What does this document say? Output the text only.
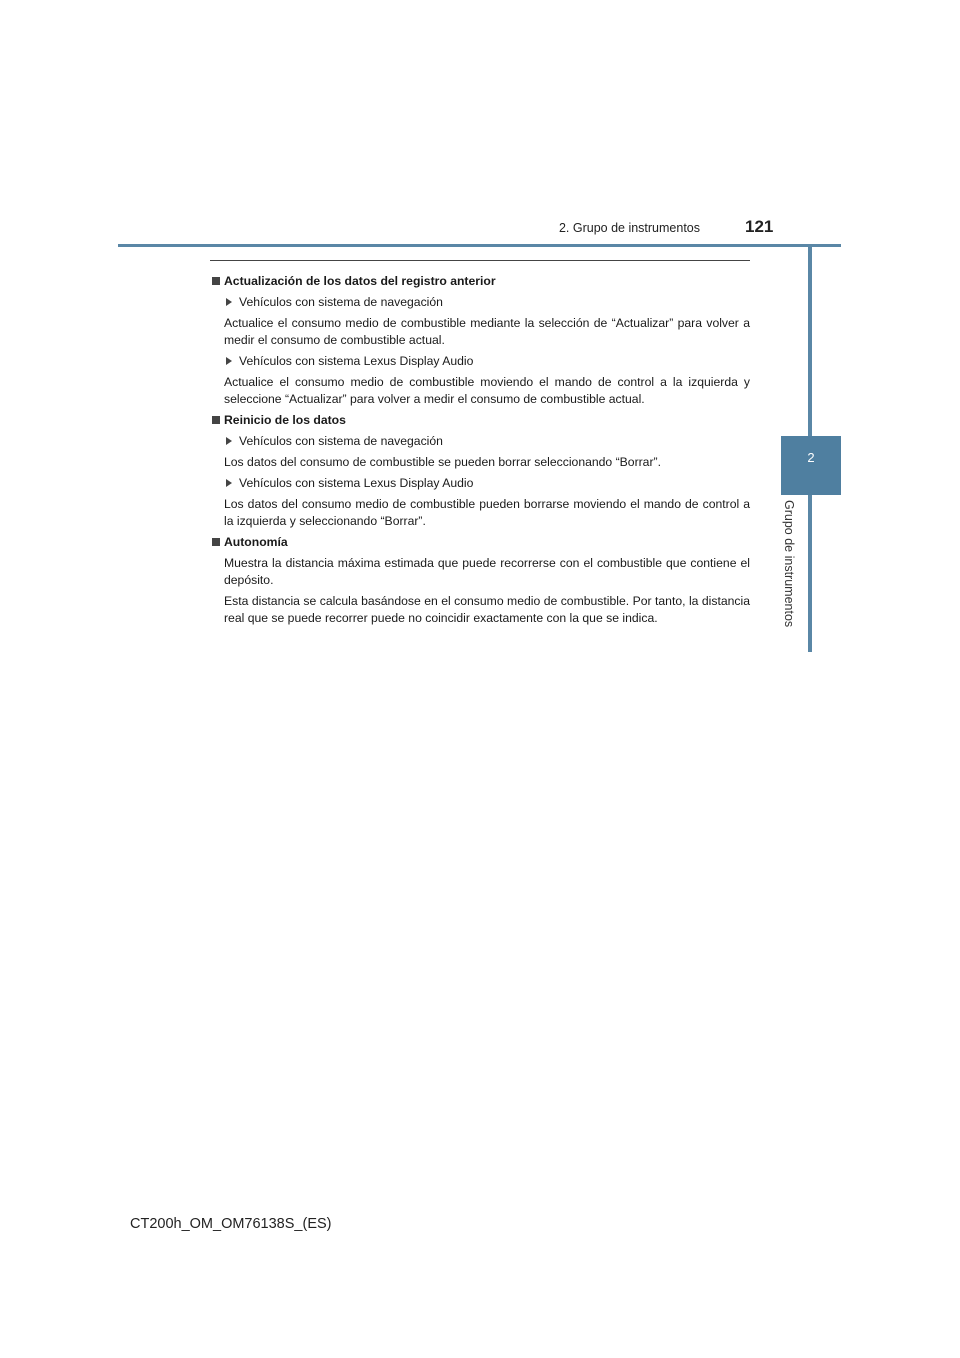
2. Grupo de instrumentos	121
2
Grupo de instrumentos
Actualización de los datos del registro anterior
Vehículos con sistema de navegación

Actualice el consumo medio de combustible mediante la selección de “Actualizar” para volver a medir el consumo de combustible actual.

Vehículos con sistema Lexus Display Audio

Actualice el consumo medio de combustible moviendo el mando de control a la izquierda y seleccione “Actualizar” para volver a medir el consumo de combustible actual.

Reinicio de los datos
Vehículos con sistema de navegación

Los datos del consumo de combustible se pueden borrar seleccionando “Borrar”.

Vehículos con sistema Lexus Display Audio

Los datos del consumo medio de combustible pueden borrarse moviendo el mando de control a la izquierda y seleccionando “Borrar”.

Autonomía

Muestra la distancia máxima estimada que puede recorrerse con el combustible que contiene el depósito.

Esta distancia se calcula basándose en el consumo medio de combustible. Por tanto, la distancia real que se puede recorrer puede no coincidir exactamente con la que se indica.

CT200h_OM_OM76138S_(ES)
